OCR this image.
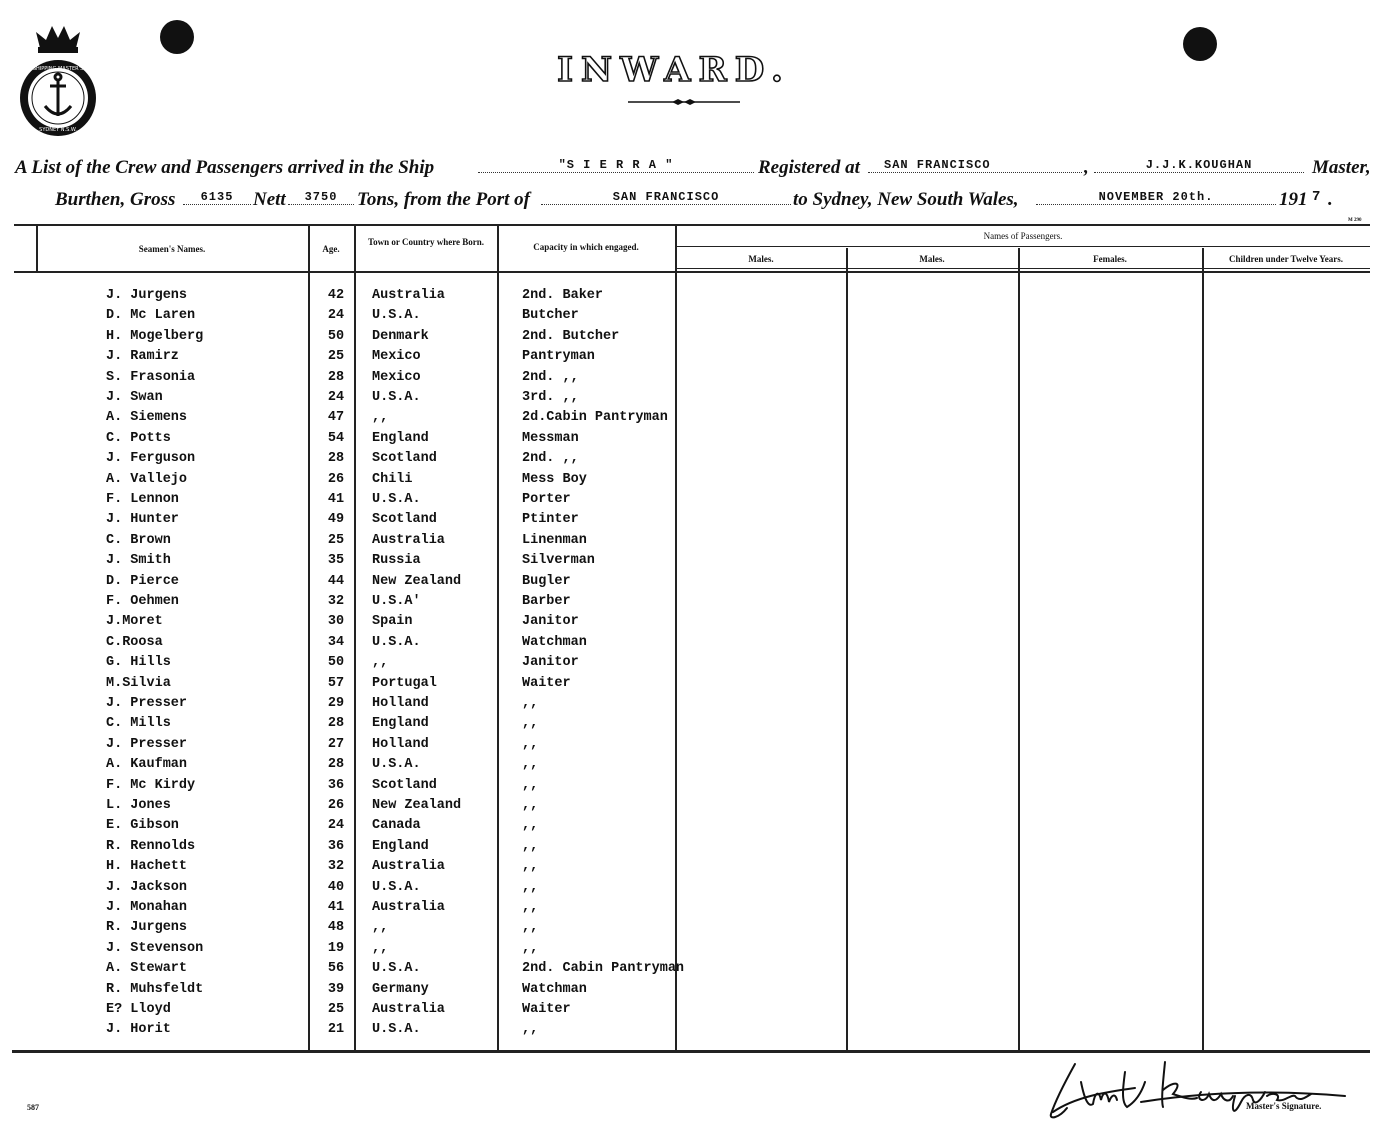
SHIPPING MASTER'S
SYDNEY N.S.W.
INWARD.
A List of the Crew and Passengers arrived in the Ship	"S I E R R A "	Registered at	SAN FRANCISCO	,	J.J.K.KOUGHAN	Master,
Burthen, Gross	6135	Nett	3750	Tons, from the Port of	SAN FRANCISCO	to Sydney, New South Wales,	NOVEMBER 20th.	191 7 .
M 290
Seamen's Names.	Age.
Town or Country where Born.	Capacity in which engaged.
Names of Passengers.
Males.	Males.	Females.	Children under Twelve Years.
J. Jurgens	42	Australia	2nd. Baker
D. Mc Laren	24	U.S.A.	Butcher
H. Mogelberg	50	Denmark	2nd. Butcher
J. Ramirz	25	Mexico	Pantryman
S. Frasonia	28	Mexico	2nd. ,,
J. Swan	24	U.S.A.	3rd. ,,
A. Siemens	47	,,	2d.Cabin Pantryman
C. Potts	54	England	Messman
J. Ferguson	28	Scotland	2nd. ,,
A. Vallejo	26	Chili	Mess Boy
F. Lennon	41	U.S.A.	Porter
J. Hunter	49	Scotland	Ptinter
C. Brown	25	Australia	Linenman
J. Smith	35	Russia	Silverman
D. Pierce	44	New Zealand	Bugler
F. Oehmen	32	U.S.A'	Barber
J.Moret	30	Spain	Janitor
C.Roosa	34	U.S.A.	Watchman
G. Hills	50	,,	Janitor
M.Silvia	57	Portugal	Waiter
J. Presser	29	Holland	,,
C. Mills	28	England	,,
J. Presser	27	Holland	,,
A. Kaufman	28	U.S.A.	,,
F. Mc Kirdy	36	Scotland	,,
L. Jones	26	New Zealand	,,
E. Gibson	24	Canada	,,
R. Rennolds	36	England	,,
H. Hachett	32	Australia	,,
J. Jackson	40	U.S.A.	,,
J. Monahan	41	Australia	,,
R. Jurgens	48	,,	,,
J. Stevenson	19	,,	,,
A. Stewart	56	U.S.A.	2nd. Cabin Pantryman
R. Muhsfeldt	39	Germany	Watchman
E? Lloyd	25	Australia	Waiter
J. Horit	21	U.S.A.	,,
587	Master's Signature.
